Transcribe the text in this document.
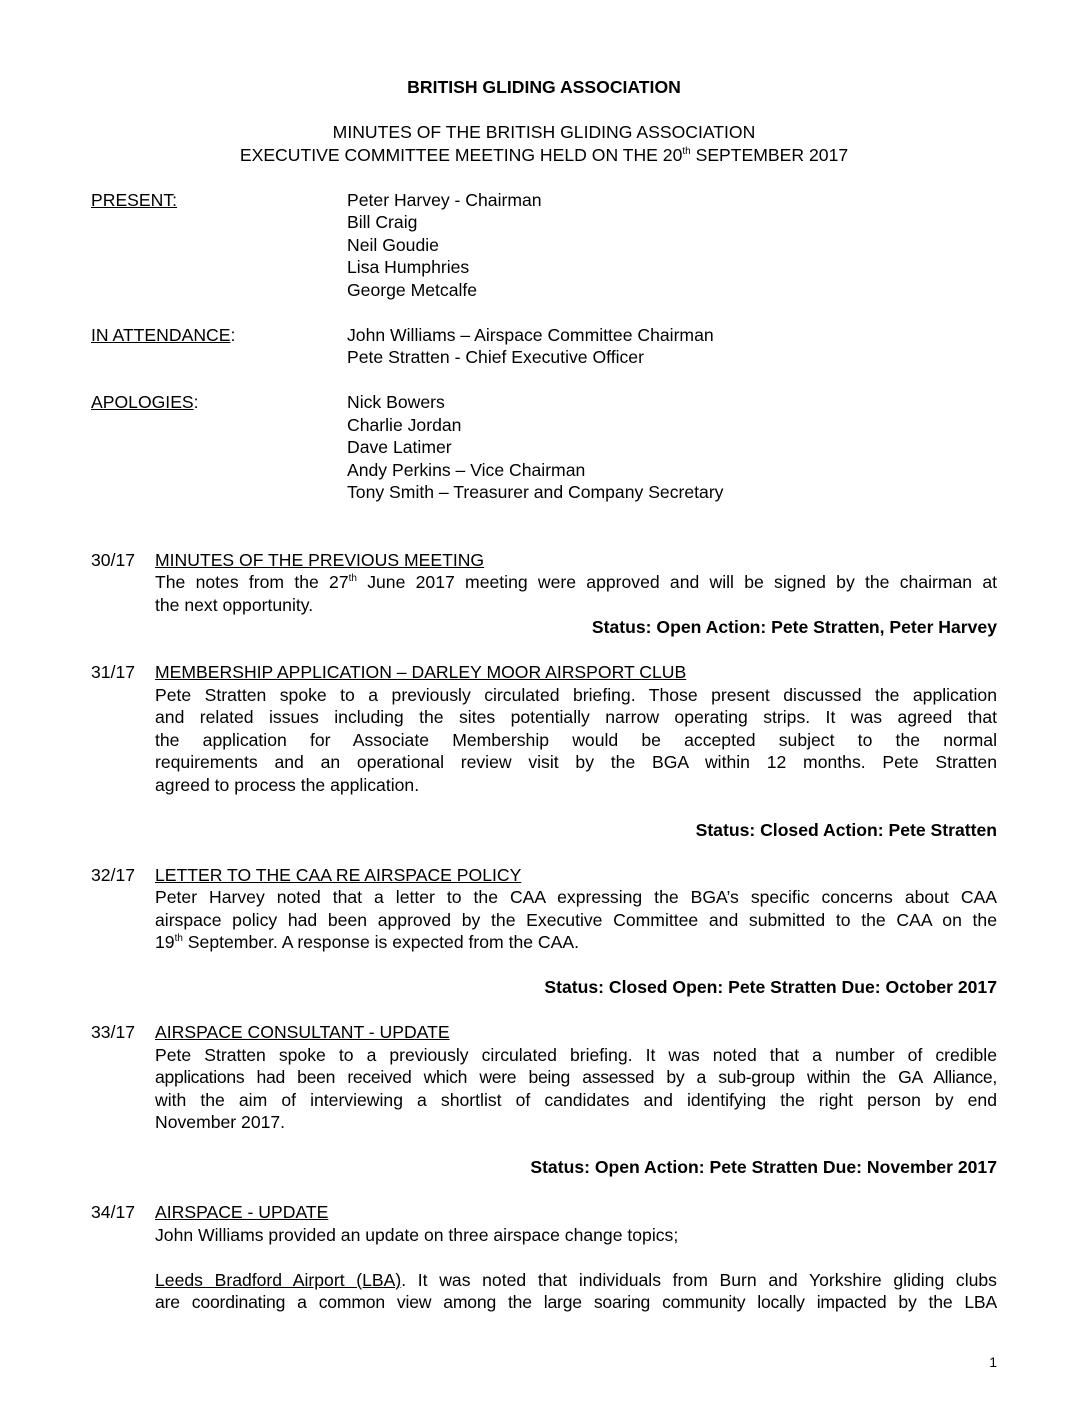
BRITISH GLIDING ASSOCIATION
MINUTES OF THE BRITISH GLIDING ASSOCIATION
EXECUTIVE COMMITTEE MEETING HELD ON THE 20th SEPTEMBER 2017
PRESENT:	Peter Harvey - Chairman
Bill Craig
Neil Goudie
Lisa Humphries
George Metcalfe
IN ATTENDANCE:	John Williams – Airspace Committee Chairman
Pete Stratten - Chief Executive Officer
APOLOGIES:	Nick Bowers
Charlie Jordan
Dave Latimer
Andy Perkins – Vice Chairman
Tony Smith – Treasurer and Company Secretary
30/17	MINUTES OF THE PREVIOUS MEETING
The notes from the 27th June 2017 meeting were approved and will be signed by the chairman at
the next opportunity.
Status: Open Action: Pete Stratten, Peter Harvey
31/17	MEMBERSHIP APPLICATION – DARLEY MOOR AIRSPORT CLUB
Pete Stratten spoke to a previously circulated briefing. Those present discussed the application
and related issues including the sites potentially narrow operating strips. It was agreed that
the application for Associate Membership would be accepted subject to the normal
requirements and an operational review visit by the BGA within 12 months. Pete Stratten
agreed to process the application.
Status: Closed Action: Pete Stratten
32/17	LETTER TO THE CAA RE AIRSPACE POLICY
Peter Harvey noted that a letter to the CAA expressing the BGA’s specific concerns about CAA
airspace policy had been approved by the Executive Committee and submitted to the CAA on the
19th September. A response is expected from the CAA.
Status: Closed Open: Pete Stratten Due: October 2017
33/17	AIRSPACE CONSULTANT - UPDATE
Pete Stratten spoke to a previously circulated briefing. It was noted that a number of credible
applications had been received which were being assessed by a sub-group within the GA Alliance,
with the aim of interviewing a shortlist of candidates and identifying the right person by end
November 2017.
Status: Open Action: Pete Stratten Due: November 2017
34/17	AIRSPACE - UPDATE
John Williams provided an update on three airspace change topics;
Leeds Bradford Airport (LBA). It was noted that individuals from Burn and Yorkshire gliding clubs
are coordinating a common view among the large soaring community locally impacted by the LBA
1
